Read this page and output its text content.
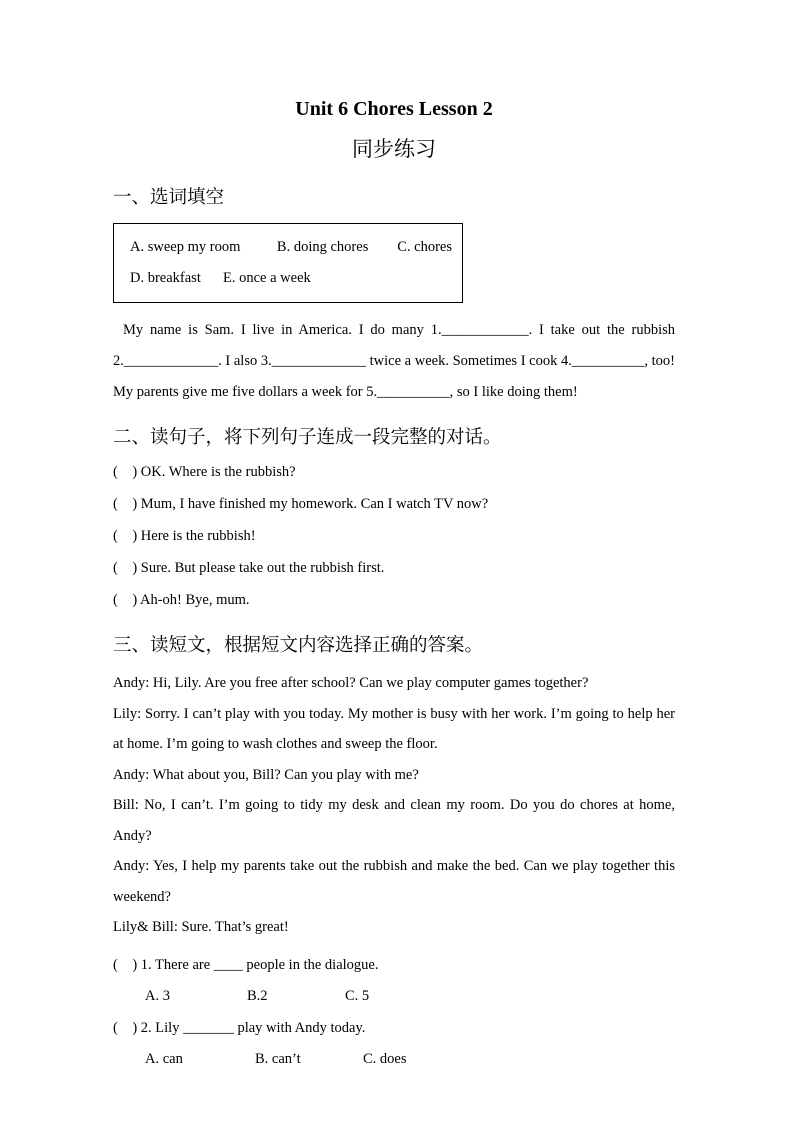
Unit 6 Chores Lesson 2
同步练习
一、选词填空
A. sweep my room	B. doing chores	C. chores
D. breakfast	E. once a week

My name is Sam. I live in America. I do many 1.____________. I take out the rubbish 2._____________. I also 3._____________ twice a week. Sometimes I cook 4.__________, too! My parents give me five dollars a week for 5.__________, so I like doing them!

二、读句子，将下列句子连成一段完整的对话。

(    ) OK. Where is the rubbish?

(    ) Mum, I have finished my homework. Can I watch TV now?

(    ) Here is the rubbish!

(    ) Sure. But please take out the rubbish first.

(    ) Ah-oh! Bye, mum.

三、读短文，根据短文内容选择正确的答案。

Andy: Hi, Lily. Are you free after school? Can we play computer games together?

Lily: Sorry. I can’t play with you today. My mother is busy with her work. I’m going to help her at home. I’m going to wash clothes and sweep the floor.

Andy: What about you, Bill? Can you play with me?

Bill: No, I can’t. I’m going to tidy my desk and clean my room. Do you do chores at home, Andy?

Andy: Yes, I help my parents take out the rubbish and make the bed. Can we play together this weekend?

Lily& Bill: Sure. That’s great!

(    ) 1. There are ____ people in the dialogue.

A. 3	B.2	C. 5

(    ) 2. Lily _______ play with Andy today.

A. can	B. can’t	C. does
